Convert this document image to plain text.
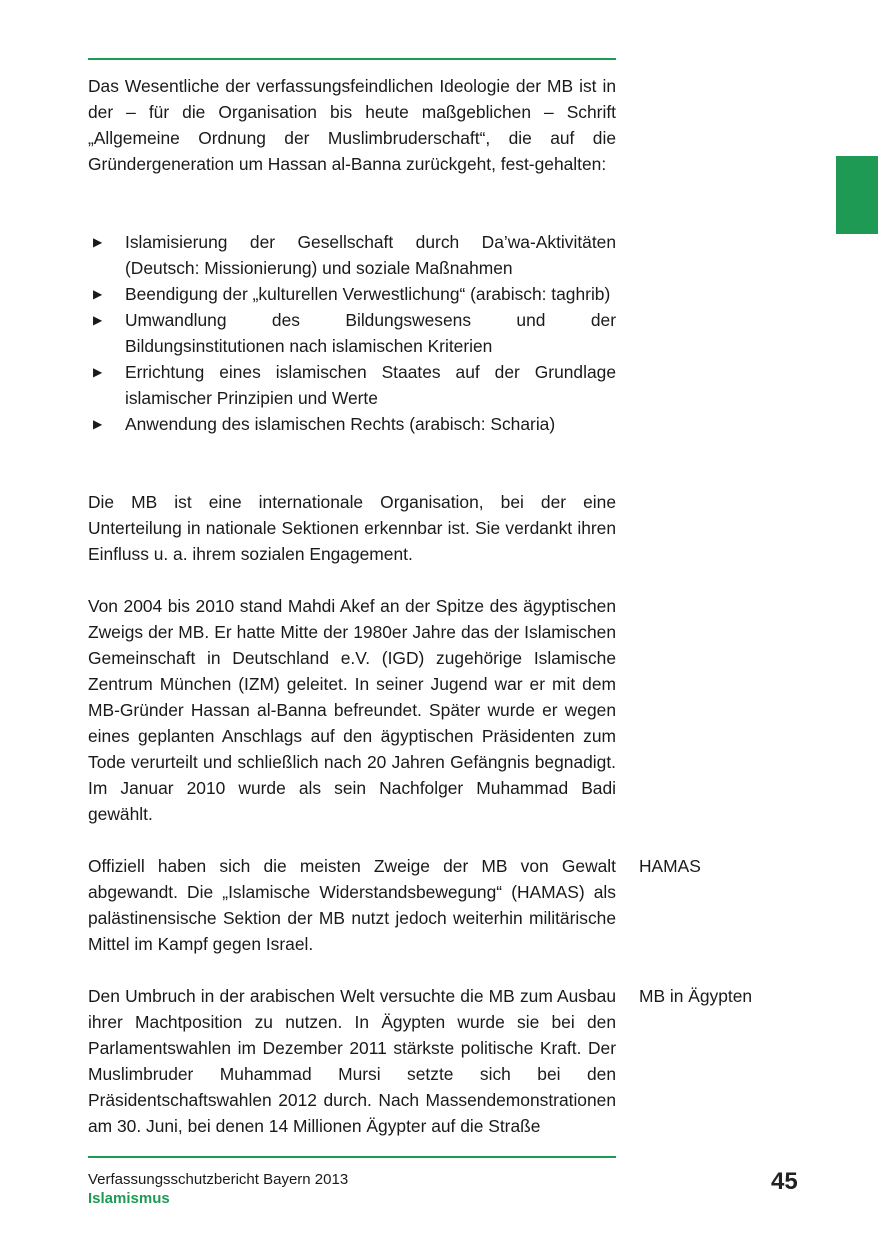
Das Wesentliche der verfassungsfeindlichen Ideologie der MB ist in der – für die Organisation bis heute maßgeblichen – Schrift „Allgemeine Ordnung der Muslimbruderschaft“, die auf die Gründergeneration um Hassan al-Banna zurückgeht, fest-gehalten:

▶ Islamisierung der Gesellschaft durch Da’wa-Aktivitäten (Deutsch: Missionierung) und soziale Maßnahmen
▶ Beendigung der „kulturellen Verwestlichung“ (arabisch: taghrib)
▶ Umwandlung des Bildungswesens und der Bildungsinstitutionen nach islamischen Kriterien
▶ Errichtung eines islamischen Staates auf der Grundlage islamischer Prinzipien und Werte
▶ Anwendung des islamischen Rechts (arabisch: Scharia)

Die MB ist eine internationale Organisation, bei der eine Unterteilung in nationale Sektionen erkennbar ist. Sie verdankt ihren Einfluss u. a. ihrem sozialen Engagement.

Von 2004 bis 2010 stand Mahdi Akef an der Spitze des ägyptischen Zweigs der MB. Er hatte Mitte der 1980er Jahre das der Islamischen Gemeinschaft in Deutschland e.V. (IGD) zugehörige Islamische Zentrum München (IZM) geleitet. In seiner Jugend war er mit dem MB-Gründer Hassan al-Banna befreundet. Später wurde er wegen eines geplanten Anschlags auf den ägyptischen Präsidenten zum Tode verurteilt und schließlich nach 20 Jahren Gefängnis begnadigt. Im Januar 2010 wurde als sein Nachfolger Muhammad Badi gewählt.

Offiziell haben sich die meisten Zweige der MB von Gewalt abgewandt. Die „Islamische Widerstandsbewegung“ (HAMAS) als palästinensische Sektion der MB nutzt jedoch weiterhin militärische Mittel im Kampf gegen Israel.

HAMAS

Den Umbruch in der arabischen Welt versuchte die MB zum Ausbau ihrer Machtposition zu nutzen. In Ägypten wurde sie bei den Parlamentswahlen im Dezember 2011 stärkste politische Kraft. Der Muslimbruder Muhammad Mursi setzte sich bei den Präsidentschaftswahlen 2012 durch. Nach Massendemonstrationen am 30. Juni, bei denen 14 Millionen Ägypter auf die Straße

MB in Ägypten
Verfassungsschutzbericht Bayern 2013
Islamismus
45
